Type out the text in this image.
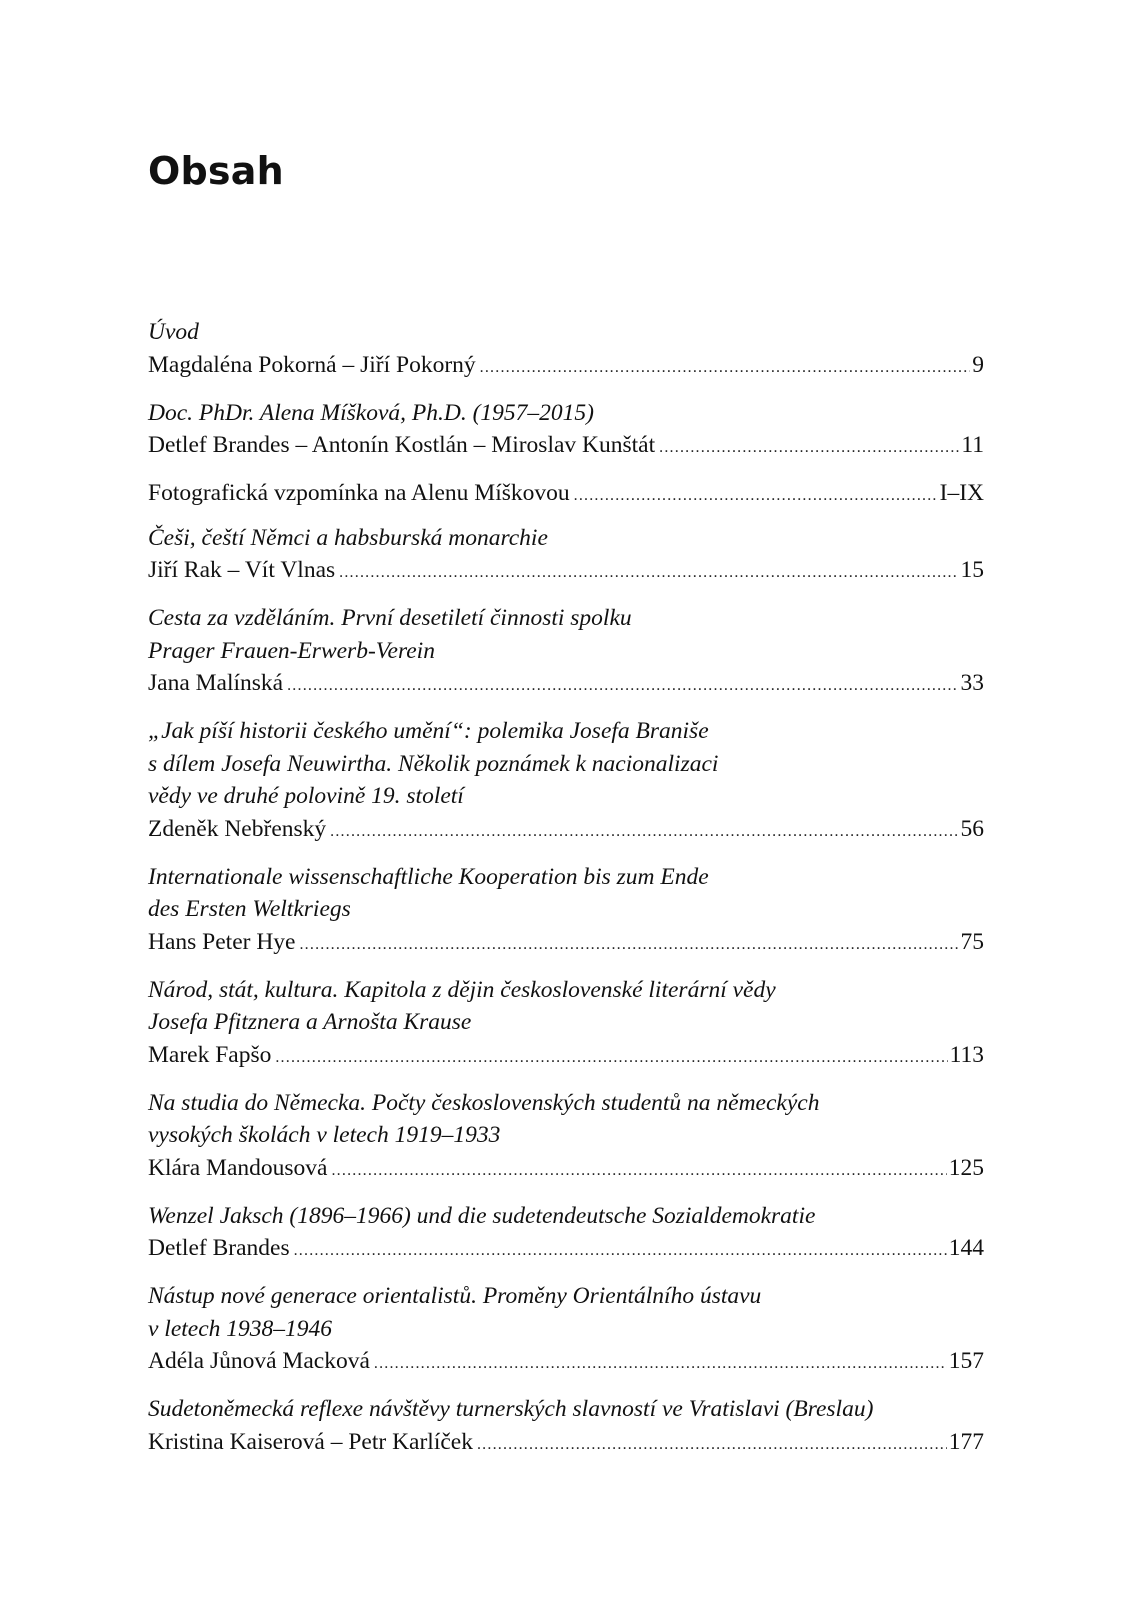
Obsah
Úvod
Magdaléna Pokorná – Jiří Pokorný .....	9
Doc. PhDr. Alena Míšková, Ph.D. (1957–2015)
Detlef Brandes – Antonín Kostlán – Miroslav Kunštát .....	11
Fotografická vzpomínka na Alenu Míškovou .....	I–IX
Češi, čeští Němci a habsburská monarchie
Jiří Rak – Vít Vlnas .....	15
Cesta za vzděláním. První desetiletí činnosti spolku
Prager Frauen-Erwerb-Verein
Jana Malínská .....	33
„Jak píší historii českého umění“: polemika Josefa Braniše
s dílem Josefa Neuwirtha. Několik poznámek k nacionalizaci
vědy ve druhé polovině 19. století
Zdeněk Nebřenský .....	56
Internationale wissenschaftliche Kooperation bis zum Ende
des Ersten Weltkriegs
Hans Peter Hye .....	75
Národ, stát, kultura. Kapitola z dějin československé literární vědy
Josefa Pfitznera a Arnošta Krause
Marek Fapšo .....	113
Na studia do Německa. Počty československých studentů na německých
vysokých školách v letech 1919–1933
Klára Mandousová .....	125
Wenzel Jaksch (1896–1966) und die sudetendeutsche Sozialdemokratie
Detlef Brandes .....	144
Nástup nové generace orientalistů. Proměny Orientálního ústavu
v letech 1938–1946
Adéla Jůnová Macková .....	157
Sudetoněmecká reflexe návštěvy turnerských slavností ve Vratislavi (Breslau)
Kristina Kaiserová – Petr Karlíček .....	177
